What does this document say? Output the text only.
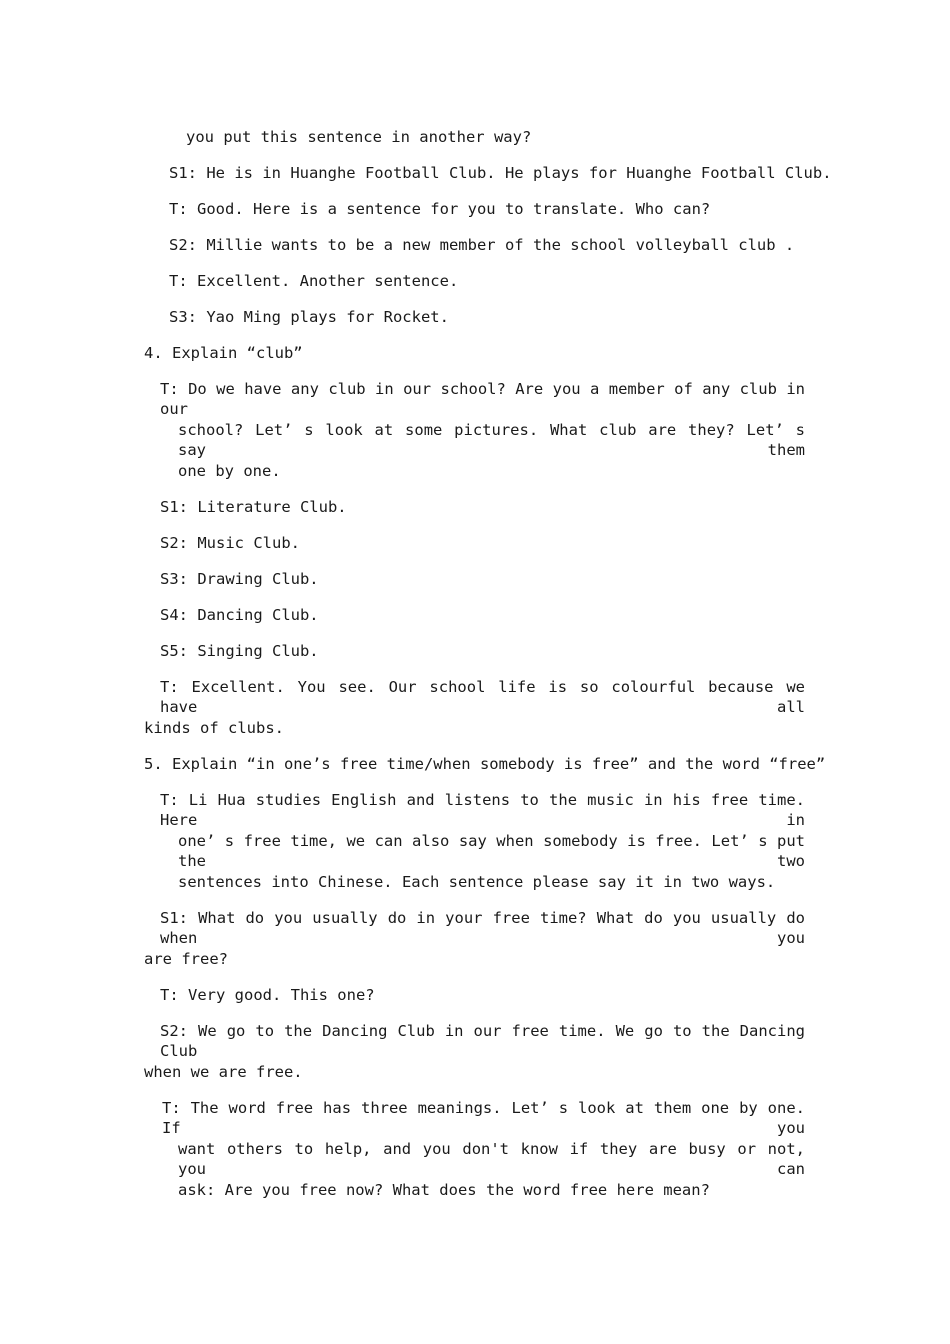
you put this sentence in another way?
S1: He is in Huanghe Football Club. He plays for Huanghe Football Club.
T: Good. Here is a sentence for you to translate. Who can?
S2: Millie wants to be a new member of the school volleyball club .
T: Excellent. Another sentence.
S3: Yao Ming plays for Rocket.
4. Explain “club”
T: Do we have any club in our school? Are you a member of any club in our
school? Let’ s look at some pictures. What club are they? Let’ s say them
one by one.
S1: Literature Club.
S2: Music Club.
S3: Drawing Club.
S4: Dancing Club.
S5: Singing Club.
T: Excellent. You see. Our school life is so colourful because we have all
kinds of clubs.
5. Explain “in one’s free time/when somebody is free” and the word “free”
T: Li Hua studies English and listens to the music in his free time. Here in
one’ s free time, we can also say when somebody is free. Let’ s put the two
sentences into Chinese. Each sentence please say it in two ways.
S1: What do you usually do in your free time? What do you usually do when you
are free?
T: Very good. This one?
S2: We go to the Dancing Club in our free time. We go to the Dancing Club
when we are free.
T: The word free has three meanings. Let’ s look at them one by one. If you
want others to help, and you don't know if they are busy or not, you can
ask: Are you free now? What does the word free here mean?
